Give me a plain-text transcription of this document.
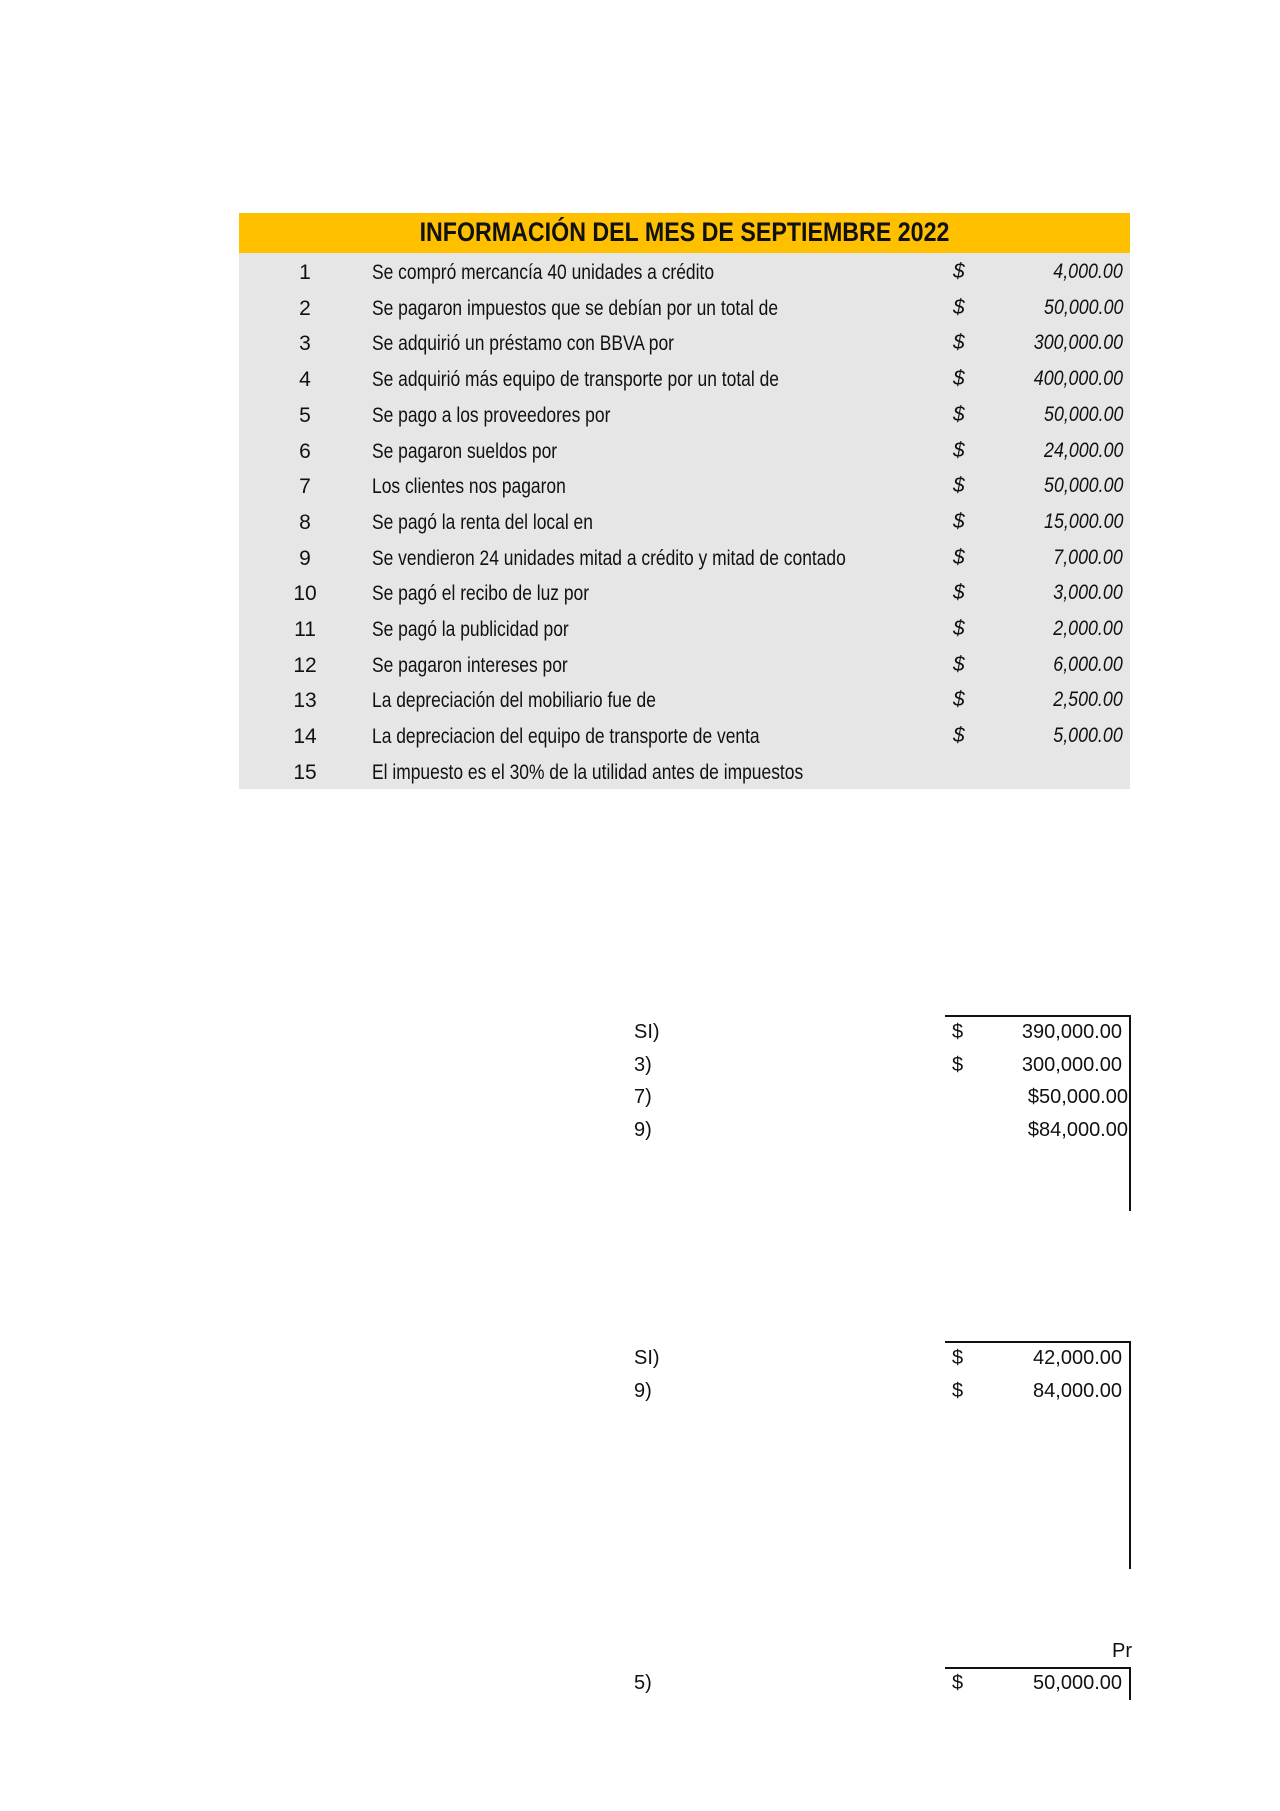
INFORMACIÓN DEL MES DE SEPTIEMBRE 2022
1	Se compró mercancía 40 unidades a crédito	$	4,000.00
2	Se pagaron impuestos que se debían por un total de	$	50,000.00
3	Se adquirió un préstamo con BBVA por	$	300,000.00
4	Se adquirió más equipo de transporte por un total de	$	400,000.00
5	Se pago a los proveedores por	$	50,000.00
6	Se pagaron sueldos por	$	24,000.00
7	Los clientes nos pagaron	$	50,000.00
8	Se pagó la renta del local en	$	15,000.00
9	Se vendieron 24 unidades mitad a crédito y mitad de contado	$	7,000.00
10	Se pagó el recibo de luz por	$	3,000.00
11	Se pagó la publicidad por	$	2,000.00
12	Se pagaron intereses por	$	6,000.00
13	La depreciación del mobiliario fue de	$	2,500.00
14	La depreciacion del equipo de transporte de venta	$	5,000.00
15	El impuesto es el 30% de la utilidad antes de impuestos
Pr
SI)	$	390,000.00
3)	$	300,000.00
7)	$50,000.00
9)	$84,000.00
SI)	$	42,000.00
9)	$	84,000.00
5)	$	50,000.00
